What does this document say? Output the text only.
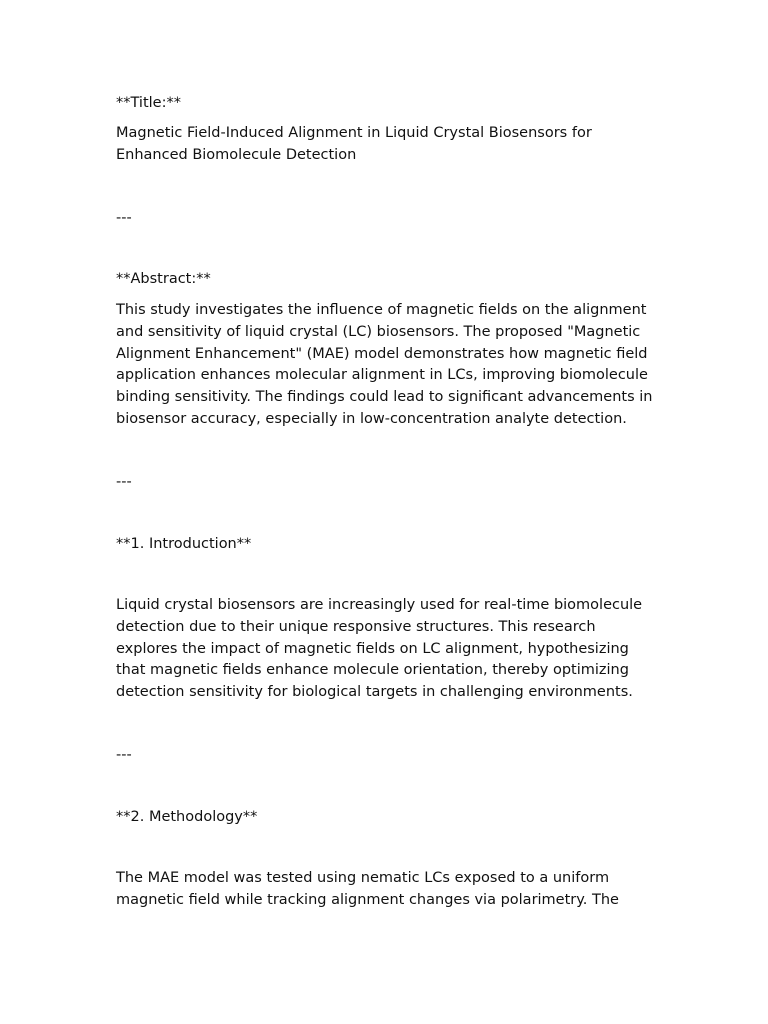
**Title:**

Magnetic Field-Induced Alignment in Liquid Crystal Biosensors for Enhanced Biomolecule Detection

---

**Abstract:**

This study investigates the influence of magnetic fields on the alignment and sensitivity of liquid crystal (LC) biosensors. The proposed "Magnetic Alignment Enhancement" (MAE) model demonstrates how magnetic field application enhances molecular alignment in LCs, improving biomolecule binding sensitivity. The findings could lead to significant advancements in biosensor accuracy, especially in low-concentration analyte detection.

---

**1. Introduction**

Liquid crystal biosensors are increasingly used for real-time biomolecule detection due to their unique responsive structures. This research explores the impact of magnetic fields on LC alignment, hypothesizing that magnetic fields enhance molecule orientation, thereby optimizing detection sensitivity for biological targets in challenging environments.

---

**2. Methodology**

The MAE model was tested using nematic LCs exposed to a uniform magnetic field while tracking alignment changes via polarimetry. The
